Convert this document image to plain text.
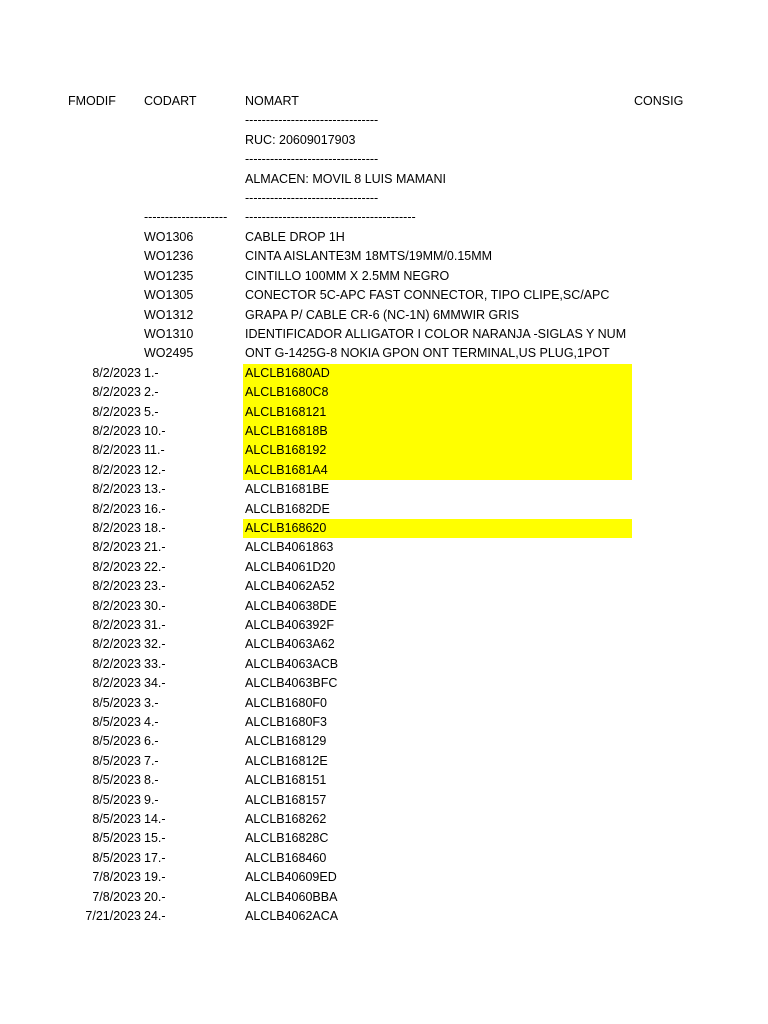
FMODIF CODART	NOMART	CONSIG
--------------------------------
RUC: 20609017903
--------------------------------
ALMACEN: MOVIL 8 LUIS MAMANI
--------------------------------
-------------------- -----------------------------------------
WO1306	CABLE DROP 1H
WO1236	CINTA AISLANTE3M 18MTS/19MM/0.15MM
WO1235	CINTILLO 100MM X 2.5MM NEGRO
WO1305	CONECTOR 5C-APC FAST CONNECTOR, TIPO CLIPE,SC/APC
WO1312	GRAPA P/ CABLE CR-6 (NC-1N) 6MMWIR GRIS
WO1310	IDENTIFICADOR ALLIGATOR I COLOR NARANJA -SIGLAS Y NUM
WO2495	ONT G-1425G-8 NOKIA GPON ONT TERMINAL,US PLUG,1POT
8/2/2023 1.-	ALCLB1680AD
8/2/2023 2.-	ALCLB1680C8
8/2/2023 5.-	ALCLB168121
8/2/2023 10.-	ALCLB16818B
8/2/2023 11.-	ALCLB168192
8/2/2023 12.-	ALCLB1681A4
8/2/2023 13.-	ALCLB1681BE
8/2/2023 16.-	ALCLB1682DE
8/2/2023 18.-	ALCLB168620
8/2/2023 21.-	ALCLB4061863
8/2/2023 22.-	ALCLB4061D20
8/2/2023 23.-	ALCLB4062A52
8/2/2023 30.-	ALCLB40638DE
8/2/2023 31.-	ALCLB406392F
8/2/2023 32.-	ALCLB4063A62
8/2/2023 33.-	ALCLB4063ACB
8/2/2023 34.-	ALCLB4063BFC
8/5/2023 3.-	ALCLB1680F0
8/5/2023 4.-	ALCLB1680F3
8/5/2023 6.-	ALCLB168129
8/5/2023 7.-	ALCLB16812E
8/5/2023 8.-	ALCLB168151
8/5/2023 9.-	ALCLB168157
8/5/2023 14.-	ALCLB168262
8/5/2023 15.-	ALCLB16828C
8/5/2023 17.-	ALCLB168460
7/8/2023 19.-	ALCLB40609ED
7/8/2023 20.-	ALCLB4060BBA
7/21/2023 24.-	ALCLB4062ACA
